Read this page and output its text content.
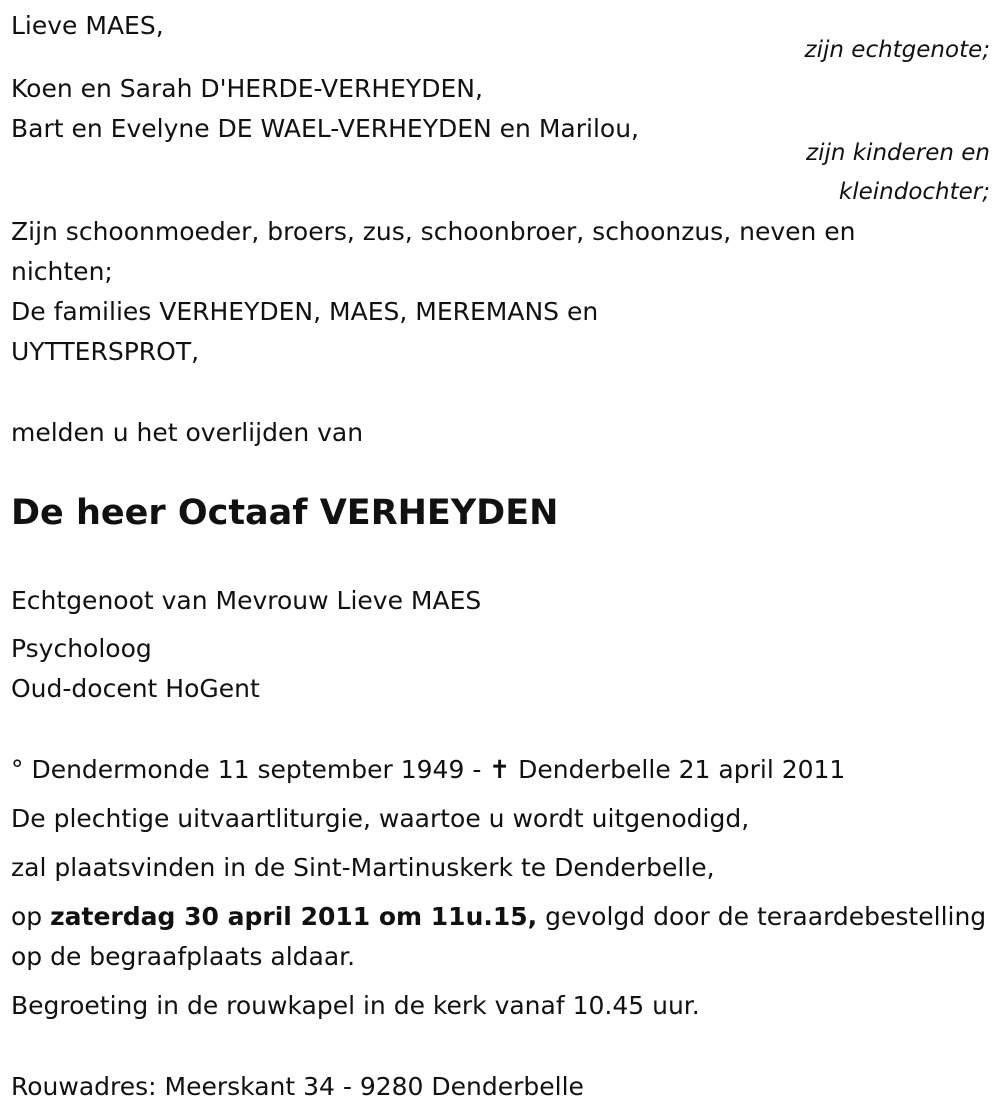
Lieve MAES,

zijn echtgenote;

Koen en Sarah D'HERDE-VERHEYDEN,

Bart en Evelyne DE WAEL-VERHEYDEN en Marilou,

zijn kinderen en

kleindochter;

Zijn schoonmoeder, broers, zus, schoonbroer, schoonzus, neven en

nichten;

De families VERHEYDEN, MAES, MEREMANS en

UYTTERSPROT,

melden u het overlijden van

De heer Octaaf VERHEYDEN

Echtgenoot van Mevrouw Lieve MAES

Psycholoog

Oud-docent HoGent

° Dendermonde 11 september 1949 - ✝ Denderbelle 21 april 2011

De plechtige uitvaartliturgie, waartoe u wordt uitgenodigd,

zal plaatsvinden in de Sint-Martinuskerk te Denderbelle,

op zaterdag 30 april 2011 om 11u.15, gevolgd door de teraardebestelling

op de begraafplaats aldaar.

Begroeting in de rouwkapel in de kerk vanaf 10.45 uur.

Rouwadres: Meerskant 34 - 9280 Denderbelle
